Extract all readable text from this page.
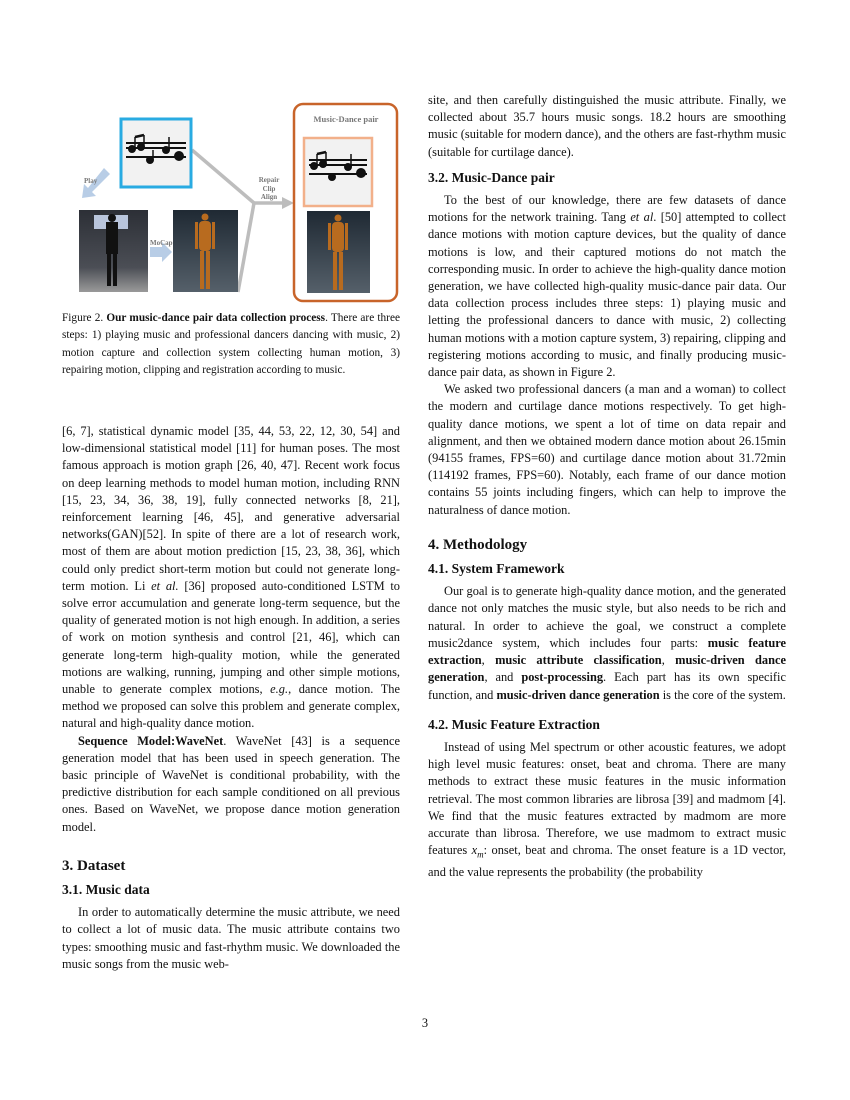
Music-Dance pair
Play
MoCap
Repair
Clip
Align
Figure 2. Our music-dance pair data collection process. There are three steps: 1) playing music and professional dancers dancing with music, 2) motion capture and collection system collecting human motion, 3) repairing motion, clipping and registration according to music.

[6, 7], statistical dynamic model [35, 44, 53, 22, 12, 30, 54] and low-dimensional statistical model [11] for human poses. The most famous approach is motion graph [26, 40, 47]. Recent work focus on deep learning methods to model human motion, including RNN [15, 23, 34, 36, 38, 19], fully connected networks [8, 21], reinforcement learning [46, 45], and generative adversarial networks(GAN)[52]. In spite of there are a lot of research work, most of them are about motion prediction [15, 23, 38, 36], which could only predict short-term motion but could not generate long-term motion. Li et al. [36] proposed auto-conditioned LSTM to solve error accumulation and generate long-term sequence, but the quality of generated motion is not high enough. In addition, a series of work on motion synthesis and control [21, 46], which can generate long-term high-quality motion, while the generated motions are walking, running, jumping and other simple motions, unable to generate complex motions, e.g., dance motion. The method we proposed can solve this problem and generate complex, natural and high-quality dance motion.

Sequence Model:WaveNet. WaveNet [43] is a sequence generation model that has been used in speech generation. The basic principle of WaveNet is conditional probability, with the predictive distribution for each sample conditioned on all previous ones. Based on WaveNet, we propose dance motion generation model.

3. Dataset
3.1. Music data

In order to automatically determine the music attribute, we need to collect a lot of music data. The music attribute contains two types: smoothing music and fast-rhythm music. We downloaded the music songs from the music web-

site, and then carefully distinguished the music attribute. Finally, we collected about 35.7 hours music songs. 18.2 hours are smoothing music (suitable for modern dance), and the others are fast-rhythm music (suitable for curtilage dance).

3.2. Music-Dance pair

To the best of our knowledge, there are few datasets of dance motions for the network training. Tang et al. [50] attempted to collect dance motions with motion capture devices, but the quality of dance motions is low, and their captured motions do not match the corresponding music. In order to achieve the high-quality dance motion generation, we have collected high-quality music-dance pair data. Our data collection process includes three steps: 1) playing music and letting the professional dancers to dance with music, 2) collecting human motions with a motion capture system, 3) repairing, clipping and registering motions according to music, and finally producing music-dance pair data, as shown in Figure 2.

We asked two professional dancers (a man and a woman) to collect the modern and curtilage dance motions respectively. To get high-quality dance motions, we spent a lot of time on data repair and alignment, and then we obtained modern dance motion about 26.15min (94155 frames, FPS=60) and curtilage dance motion about 31.72min (114192 frames, FPS=60). Notably, each frame of our dance motion contains 55 joints including fingers, which can help to improve the naturalness of dance motion.

4. Methodology
4.1. System Framework

Our goal is to generate high-quality dance motion, and the generated dance not only matches the music style, but also needs to be rich and natural. In order to achieve the goal, we construct a complete music2dance system, which includes four parts: music feature extraction, music attribute classification, music-driven dance generation, and post-processing. Each part has its own specific function, and music-driven dance generation is the core of the system.

4.2. Music Feature Extraction

Instead of using Mel spectrum or other acoustic features, we adopt high level music features: onset, beat and chroma. There are many methods to extract these music features in the music information retrieval. The most common libraries are librosa [39] and madmom [4]. We find that the music features extracted by madmom are more accurate than librosa. Therefore, we use madmom to extract music features $x_m$: onset, beat and chroma. The onset feature is a 1D vector, and the value represents the probability (the probability

3
